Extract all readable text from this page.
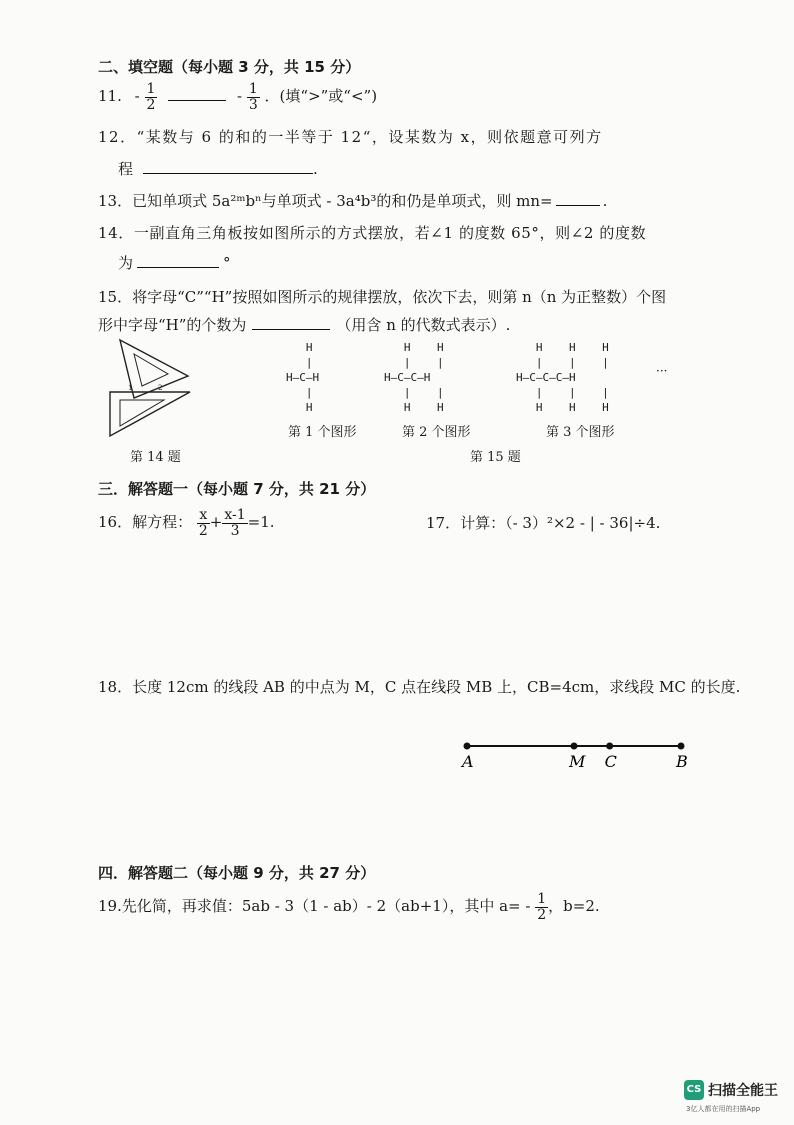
二、填空题（每小题 3 分，共 15 分）
11. - $\frac{1}{2}$	- $\frac{1}{3}$ ．(填“>”或“<”)
12．“某数与 6 的和的一半等于 12“，设某数为 x，则依题意可列方
程	.
13．已知单项式 5a²ᵐbⁿ与单项式 - 3a⁴b³的和仍是单项式，则 mn=	.
14．一副直角三角板按如图所示的方式摆放，若∠1 的度数 65°，则∠2 的度数
为	°
15．将字母“C”“H”按照如图所示的规律摆放，依次下去，则第 n（n 为正整数）个图
形中字母“H”的个数为	（用含 n 的代数式表示）.
1	2
第 14 题
H
|
H—C—H
|
H
H    H
|    |
H—C—C—H
|    |
H    H
H    H    H
|    |    |
H—C—C—C—H
|    |    |
H    H    H
···
第 1 个图形	第 2 个图形	第 3 个图形
第 15 题
三．解答题一（每小题 7 分，共 21 分）
16．解方程： $\frac{x}{2} + \frac{x-1}{3} =1$.	17．计算：（- 3）²×2 - | - 36|÷4.
18．长度 12cm 的线段 AB 的中点为 M，C 点在线段 MB 上，CB=4cm，求线段 MC 的长度.
A	M C	B
四．解答题二（每小题 9 分，共 27 分）
19.先化简，再求值：5ab - 3（1 - ab）- 2（ab+1），其中 $a= - \frac{1}{2}$ ，b=2.
CS 扫描全能王
3亿人都在用的扫描App
